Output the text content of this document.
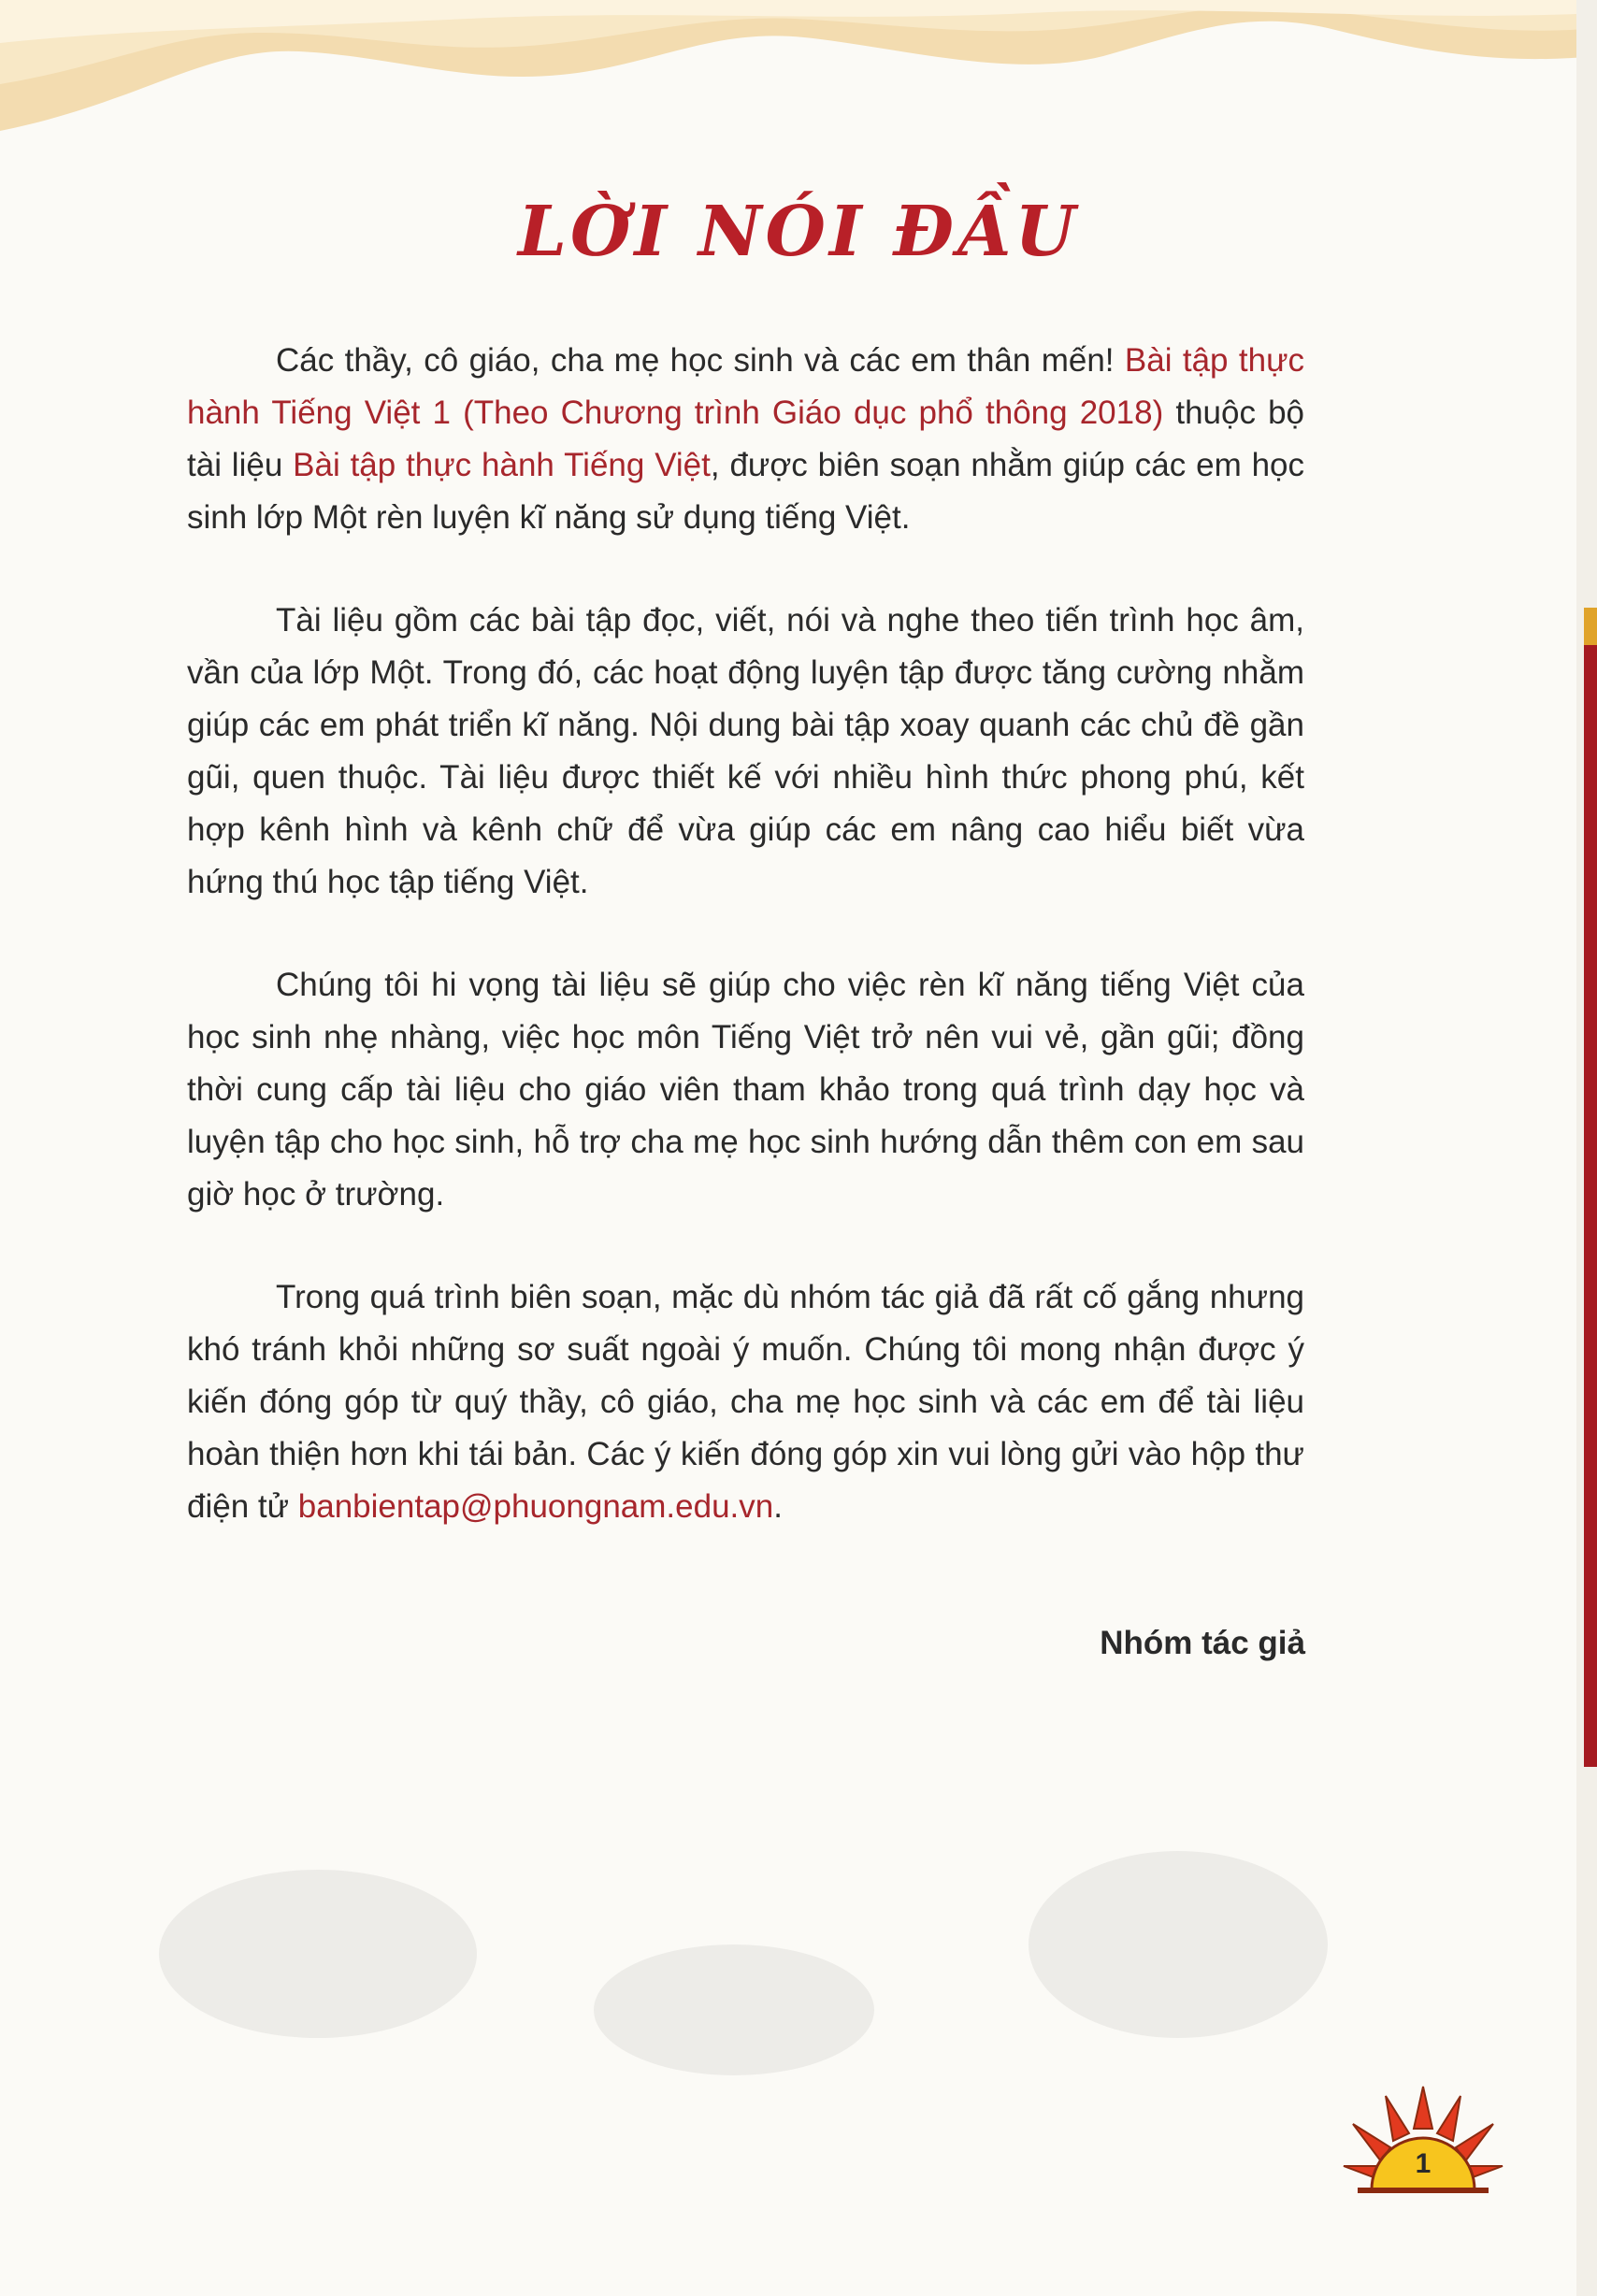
LỜI NÓI ĐẦU

Các thầy, cô giáo, cha mẹ học sinh và các em thân mến! Bài tập thực hành Tiếng Việt 1 (Theo Chương trình Giáo dục phổ thông 2018) thuộc bộ tài liệu Bài tập thực hành Tiếng Việt, được biên soạn nhằm giúp các em học sinh lớp Một rèn luyện kĩ năng sử dụng tiếng Việt.

Tài liệu gồm các bài tập đọc, viết, nói và nghe theo tiến trình học âm, vần của lớp Một. Trong đó, các hoạt động luyện tập được tăng cường nhằm giúp các em phát triển kĩ năng. Nội dung bài tập xoay quanh các chủ đề gần gũi, quen thuộc. Tài liệu được thiết kế với nhiều hình thức phong phú, kết hợp kênh hình và kênh chữ để vừa giúp các em nâng cao hiểu biết vừa hứng thú học tập tiếng Việt.

Chúng tôi hi vọng tài liệu sẽ giúp cho việc rèn kĩ năng tiếng Việt của học sinh nhẹ nhàng, việc học môn Tiếng Việt trở nên vui vẻ, gần gũi; đồng thời cung cấp tài liệu cho giáo viên tham khảo trong quá trình dạy học và luyện tập cho học sinh, hỗ trợ cha mẹ học sinh hướng dẫn thêm con em sau giờ học ở trường.

Trong quá trình biên soạn, mặc dù nhóm tác giả đã rất cố gắng nhưng khó tránh khỏi những sơ suất ngoài ý muốn. Chúng tôi mong nhận được ý kiến đóng góp từ quý thầy, cô giáo, cha mẹ học sinh và các em để tài liệu hoàn thiện hơn khi tái bản. Các ý kiến đóng góp xin vui lòng gửi vào hộp thư điện tử banbientap@phuongnam.edu.vn.

Nhóm tác giả
1
